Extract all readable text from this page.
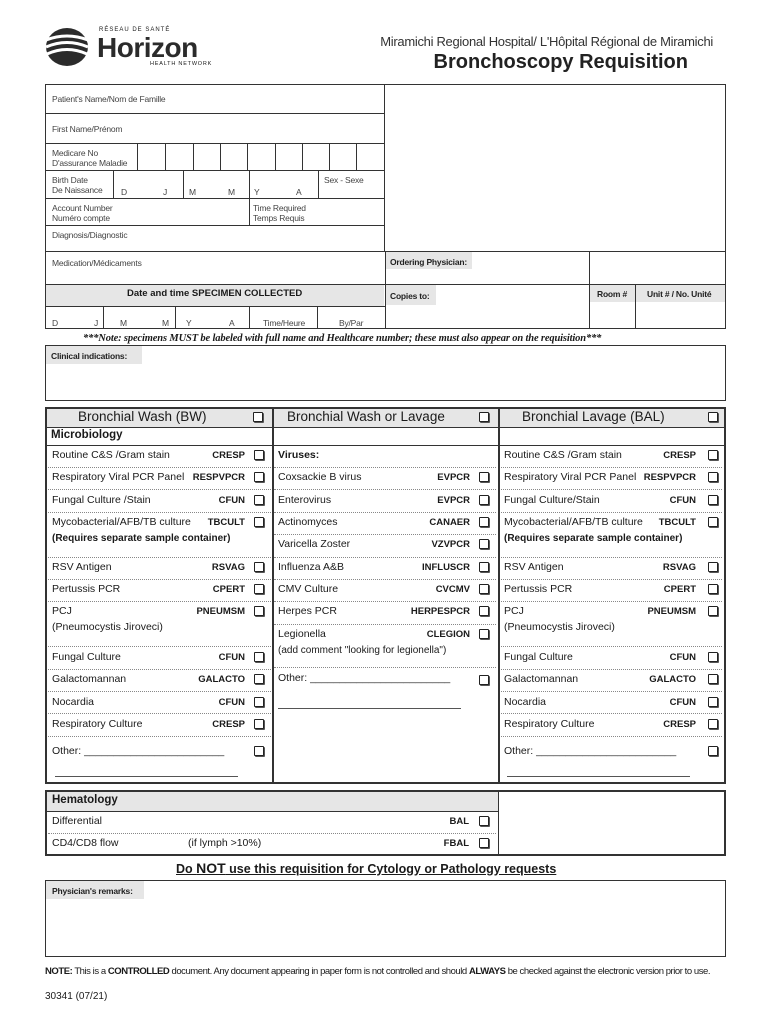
RÉSEAU DE SANTÉ
Horizon
HEALTH NETWORK
Miramichi Regional Hospital/ L'Hôpital Régional de Miramichi
Bronchoscopy Requisition
Patient's Name/Nom de Famille
First Name/Prénom
Medicare No
D'assurance Maladie
Birth Date
De Naissance D	J	M	M Y	A
Sex - Sexe
Account Number
Numéro compte
Time Required
Temps Requis
Diagnosis/Diagnostic
Medication/Médicaments	Ordering Physician:
Date and time SPECIMEN COLLECTED	Copies to:	Room # Unit # / No. Unité
D	J	M	M Y	A	Time/Heure	By/Par
***Note: specimens MUST be labeled with full name and Healthcare number; these must also appear on the requisition***
Clinical indications:
Bronchial Wash (BW)	Bronchial Wash or Lavage	Bronchial Lavage (BAL)
Microbiology
Routine C&S /Gram stain	CRESP
Respiratory Viral PCR Panel RESPVPCR
Fungal Culture /Stain	CFUN
Mycobacterial/AFB/TB culture	TBCULT
(Requires separate sample container)
RSV Antigen	RSVAG
Pertussis PCR	CPERT
PCJ	PNEUMSM
(Pneumocystis Jiroveci)
Fungal Culture	CFUN
Galactomannan	GALACTO
Nocardia	CFUN
Respiratory Culture	CRESP
Other: ________________________
Viruses:
Coxsackie B virus	EVPCR
Enterovirus	EVPCR
Actinomyces	CANAER
Varicella Zoster	VZVPCR
Influenza A&B	INFLUSCR
CMV Culture	CVCMV
Herpes PCR	HERPESPCR
Legionella	CLEGION
(add comment "looking for legionella")
Other: ________________________
Routine C&S /Gram stain	CRESP
Respiratory Viral PCR Panel RESPVPCR
Fungal Culture/Stain	CFUN
Mycobacterial/AFB/TB culture	TBCULT
(Requires separate sample container)
RSV Antigen	RSVAG
Pertussis PCR	CPERT
PCJ	PNEUMSM
(Pneumocystis Jiroveci)
Fungal Culture	CFUN
Galactomannan	GALACTO
Nocardia	CFUN
Respiratory Culture	CRESP
Other: ________________________
Hematology
Differential	BAL
CD4/CD8 flow	(if lymph >10%)	FBAL
Do NOT use this requisition for Cytology or Pathology requests
Physician's remarks:
NOTE: This is a CONTROLLED document. Any document appearing in paper form is not controlled and should ALWAYS be checked against the electronic version prior to use.
30341 (07/21)
